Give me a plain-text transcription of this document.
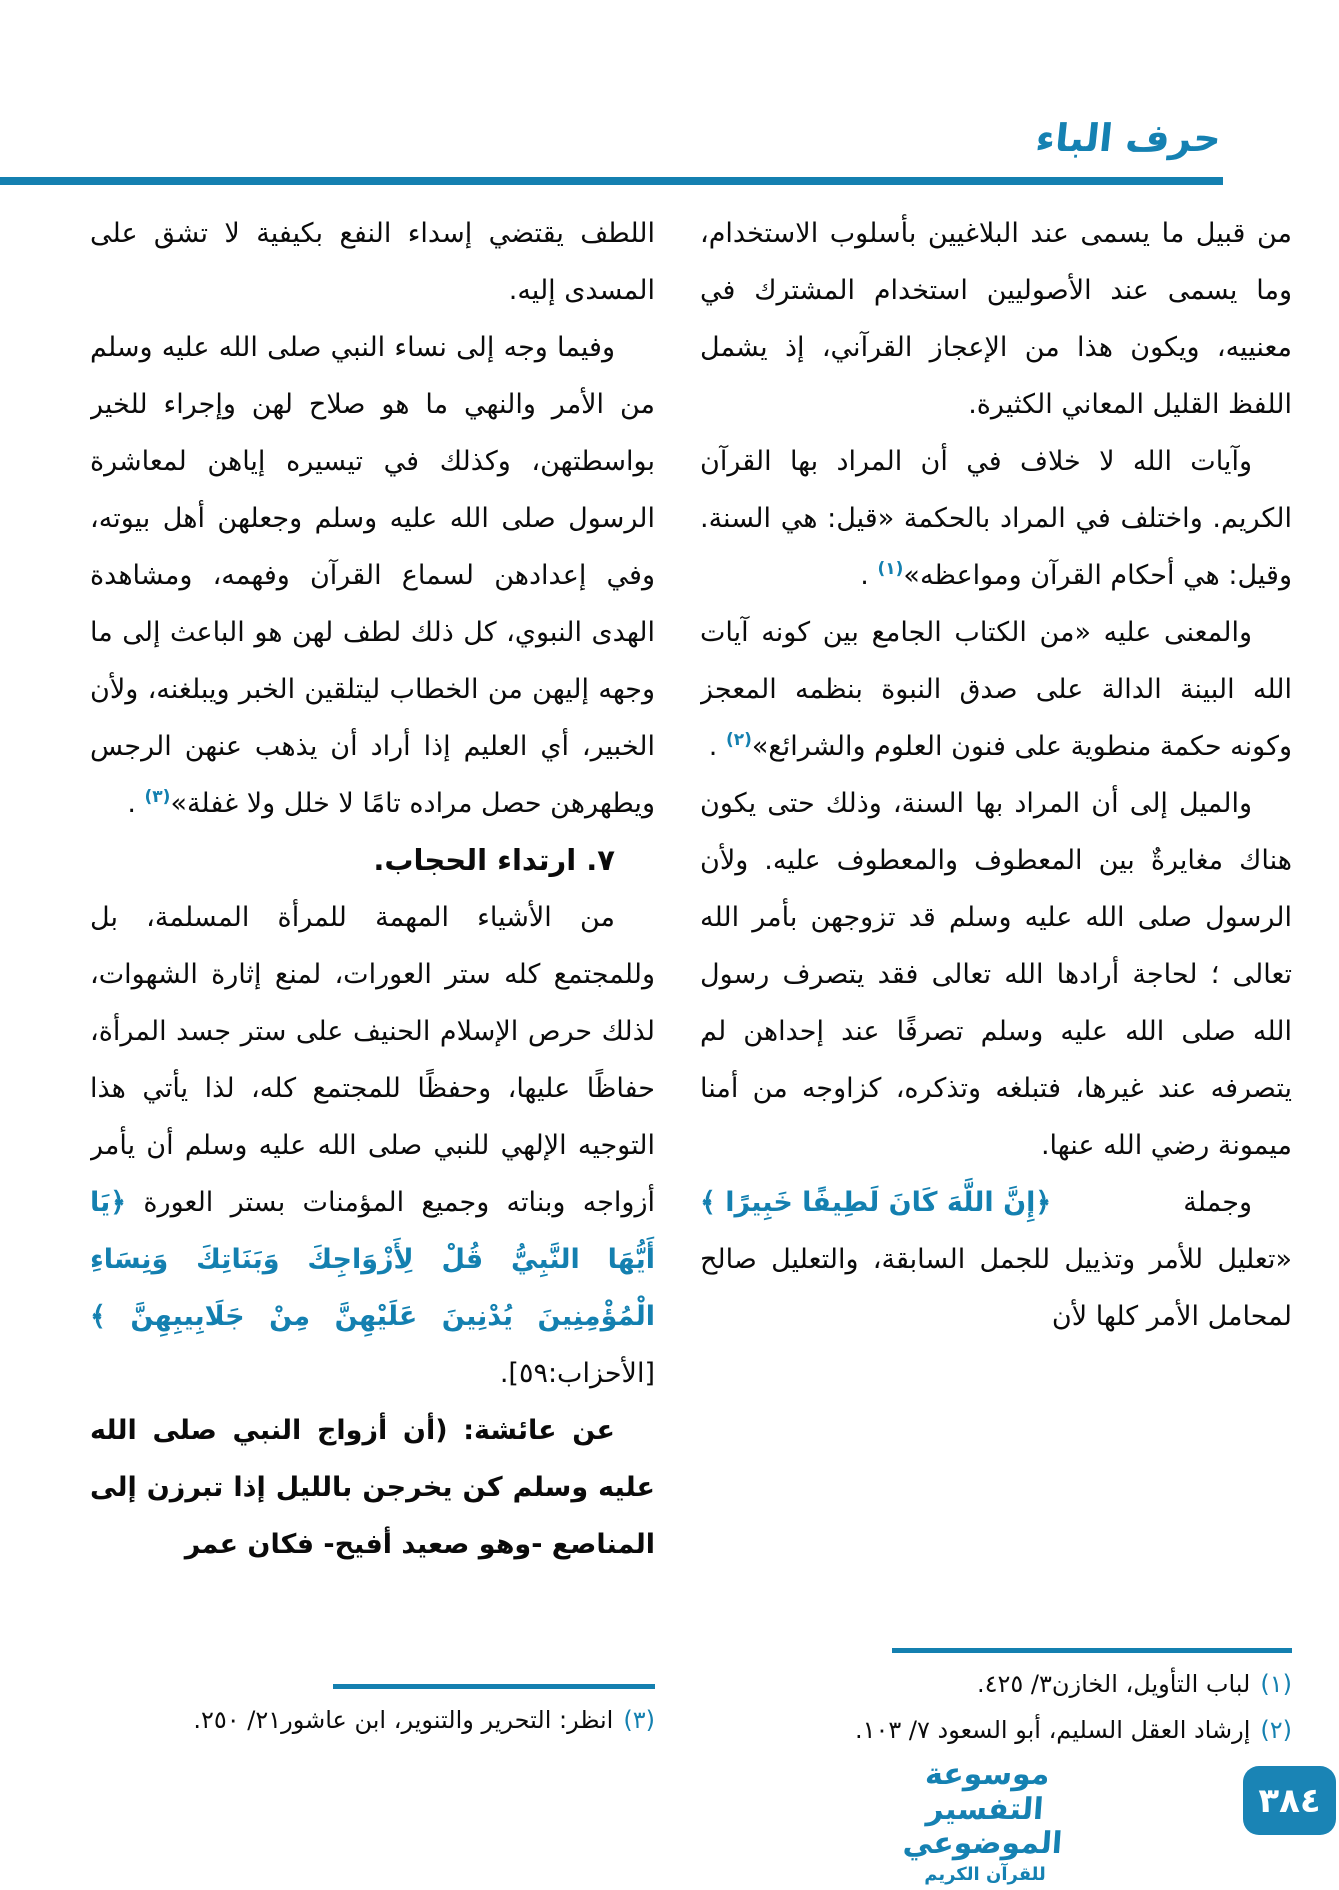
حرف الباء

من قبيل ما يسمى عند البلاغيين بأسلوب الاستخدام، وما يسمى عند الأصوليين استخدام المشترك في معنييه، ويكون هذا من الإعجاز القرآني، إذ يشمل اللفظ القليل المعاني الكثيرة.

وآيات الله لا خلاف في أن المراد بها القرآن الكريم. واختلف في المراد بالحكمة «قيل: هي السنة. وقيل: هي أحكام القرآن ومواعظه»$^{(١)}$ .

والمعنى عليه «من الكتاب الجامع بين كونه آيات الله البينة الدالة على صدق النبوة بنظمه المعجز وكونه حكمة منطوية على فنون العلوم والشرائع»$^{(٢)}$ .

والميل إلى أن المراد بها السنة، وذلك حتى يكون هناك مغايرةٌ بين المعطوف والمعطوف عليه. ولأن الرسول صلى الله عليه وسلم قد تزوجهن بأمر الله تعالى ؛ لحاجة أرادها الله تعالى فقد يتصرف رسول الله صلى الله عليه وسلم تصرفًا عند إحداهن لم يتصرفه عند غيرها، فتبلغه وتذكره، كزاوجه من أمنا ميمونة رضي الله عنها.

وجملة
﴿إِنَّ اللَّهَ كَانَ لَطِيفًا خَبِيرًا ﴾

«تعليل للأمر وتذييل للجمل السابقة، والتعليل صالح لمحامل الأمر كلها لأن

اللطف يقتضي إسداء النفع بكيفية لا تشق على المسدى إليه.

وفيما وجه إلى نساء النبي صلى الله عليه وسلم من الأمر والنهي ما هو صلاح لهن وإجراء للخير بواسطتهن، وكذلك في تيسيره إياهن لمعاشرة الرسول صلى الله عليه وسلم وجعلهن أهل بيوته، وفي إعدادهن لسماع القرآن وفهمه، ومشاهدة الهدى النبوي، كل ذلك لطف لهن هو الباعث إلى ما وجهه إليهن من الخطاب ليتلقين الخبر ويبلغنه، ولأن الخبير، أي العليم إذا أراد أن يذهب عنهن الرجس ويطهرهن حصل مراده تامًا لا خلل ولا غفلة»$^{(٣)}$ .

٧. ارتداء الحجاب.

من الأشياء المهمة للمرأة المسلمة، بل وللمجتمع كله ستر العورات، لمنع إثارة الشهوات، لذلك حرص الإسلام الحنيف على ستر جسد المرأة، حفاظًا عليها، وحفظًا للمجتمع كله، لذا يأتي هذا التوجيه الإلهي للنبي صلى الله عليه وسلم أن يأمر أزواجه وبناته وجميع المؤمنات بستر العورة ﴿يَا أَيُّهَا النَّبِيُّ قُلْ لِأَزْوَاجِكَ وَبَنَاتِكَ وَنِسَاءِ الْمُؤْمِنِينَ يُدْنِينَ عَلَيْهِنَّ مِنْ جَلَابِيبِهِنَّ ﴾ [الأحزاب:٥٩].

عن عائشة: (أن أزواج النبي صلى الله عليه وسلم كن يخرجن بالليل إذا تبرزن إلى المناصع -وهو صعيد أفيح- فكان عمر

(١)لباب التأويل، الخازن٣/ ٤٢٥.
(٢)إرشاد العقل السليم، أبو السعود ٧/ ١٠٣.
(٣)انظر: التحرير والتنوير، ابن عاشور٢١/ ٢٥٠.
موسوعة التفسير الموضوعي
للقرآن الكريم
٣٨٤
